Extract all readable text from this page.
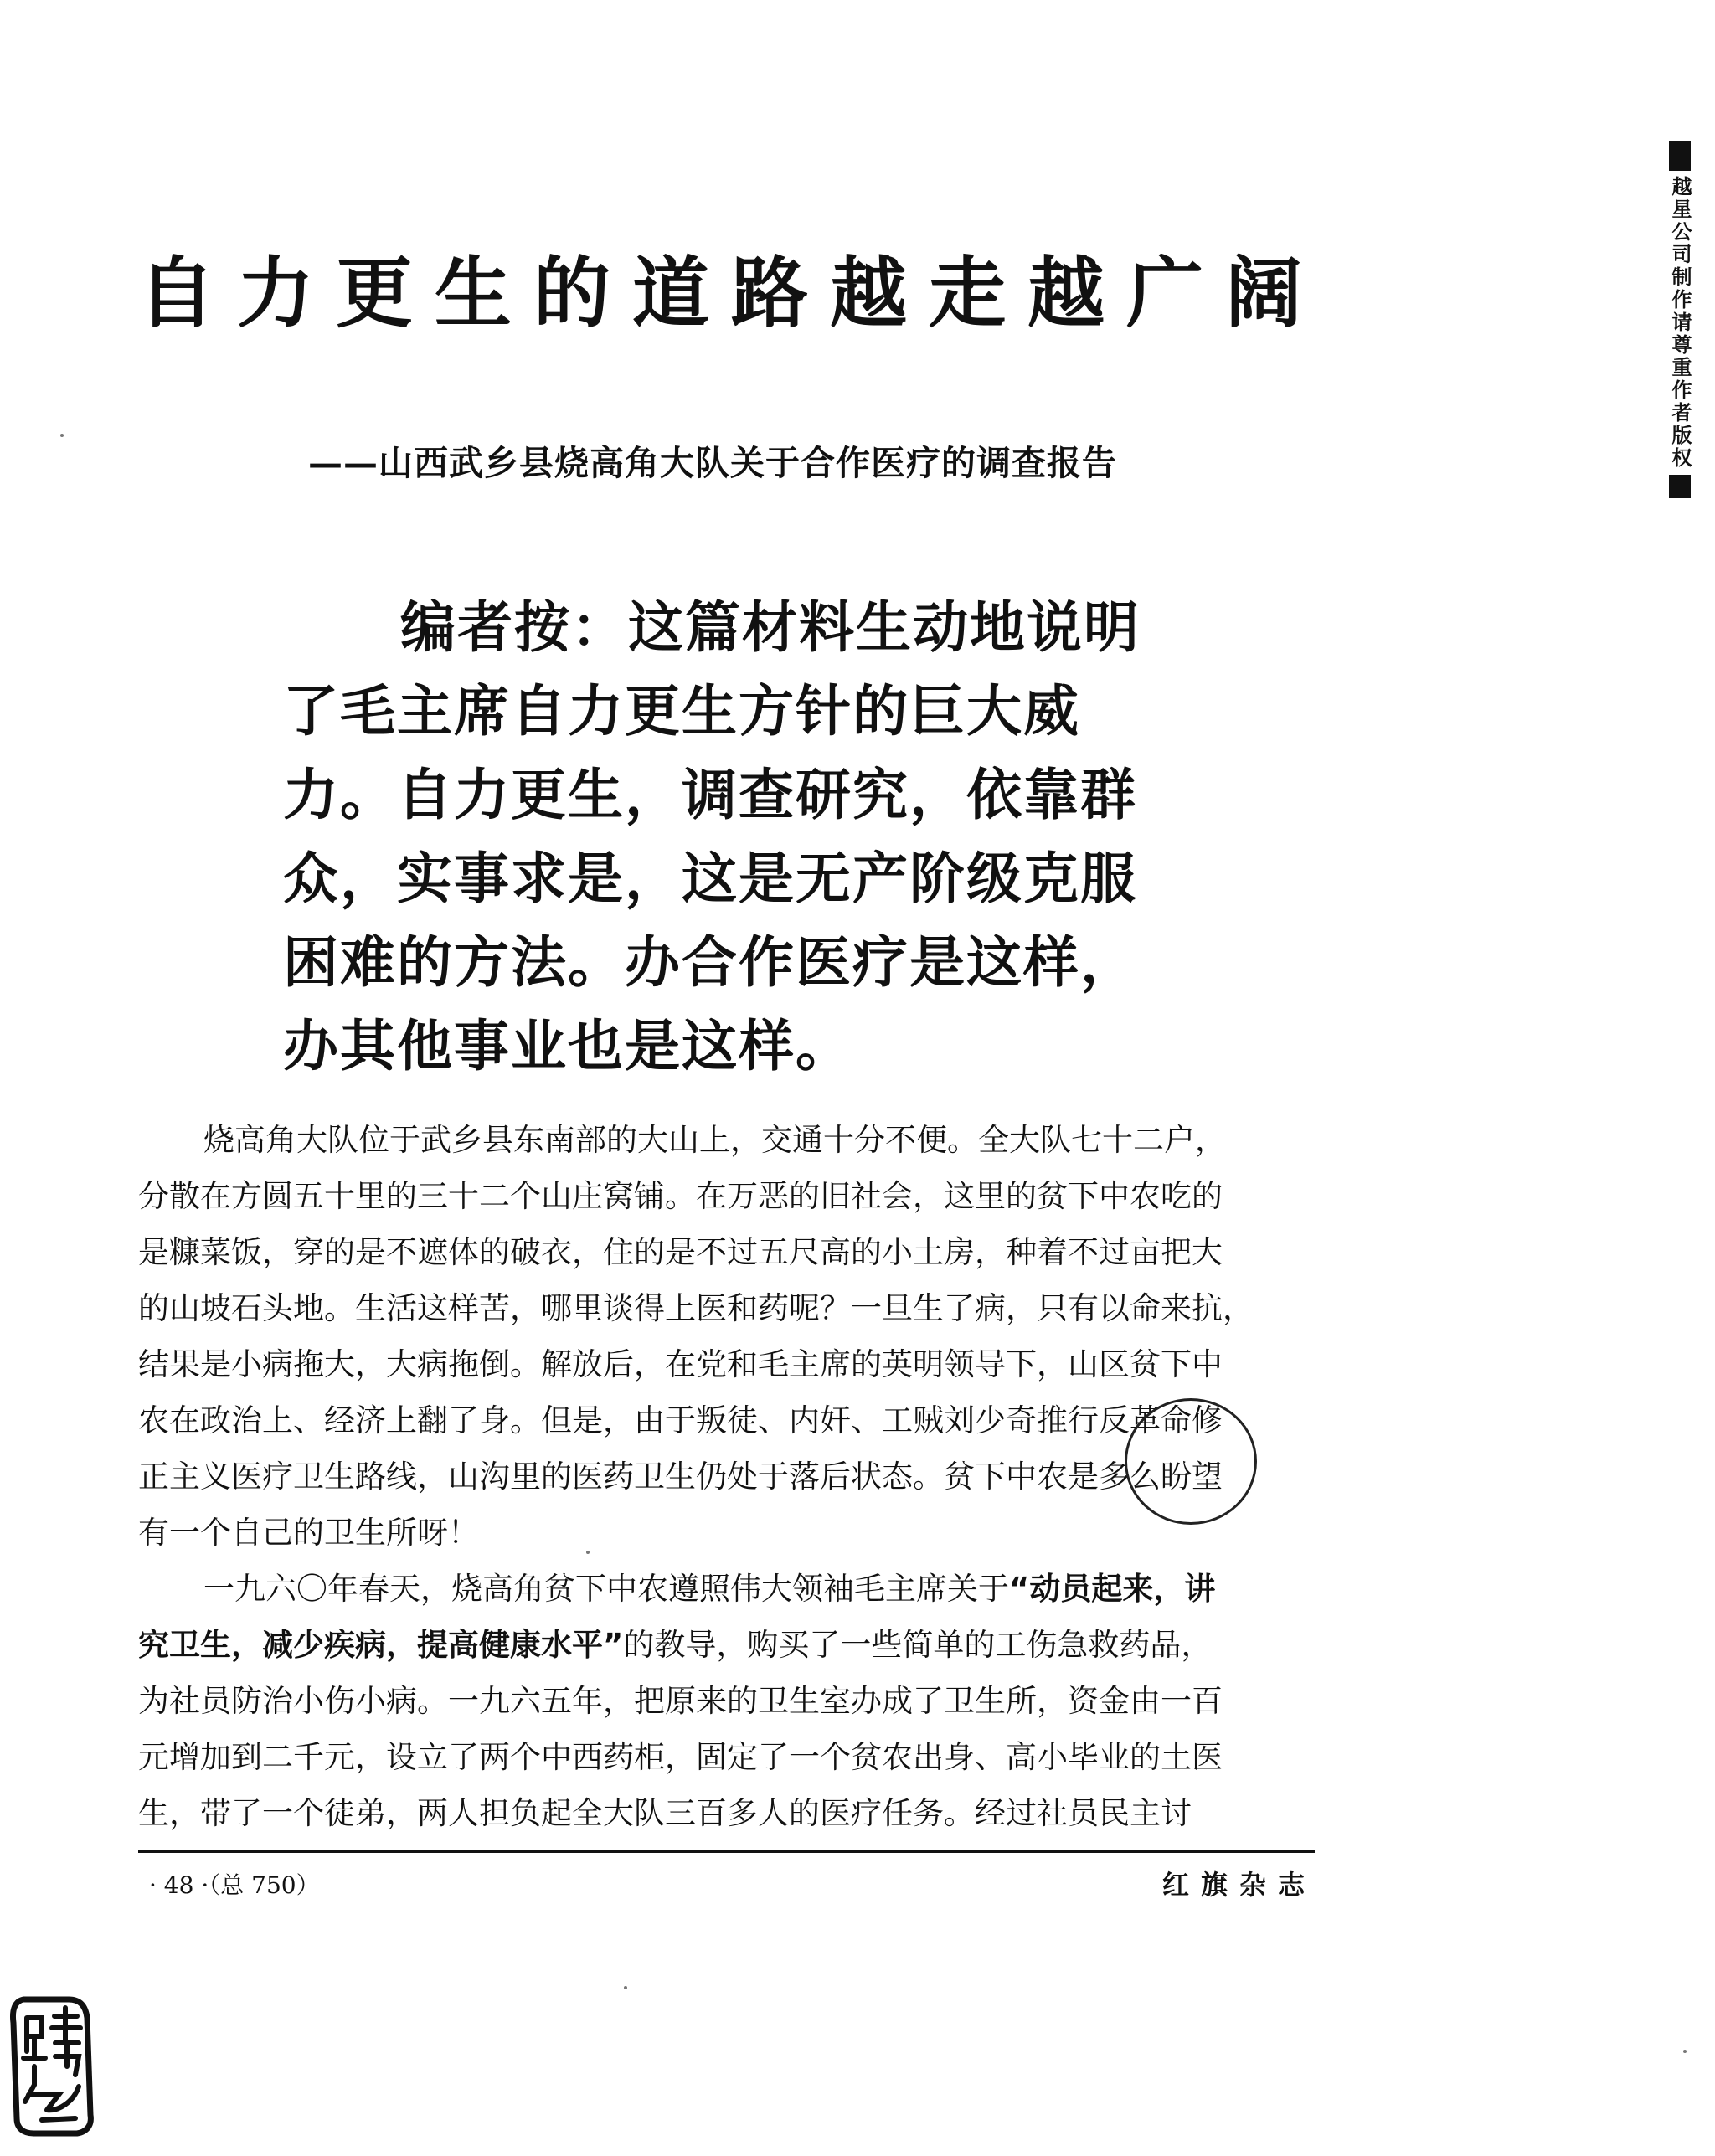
越星公司制作请尊重作者版权
自力更生的道路越走越广阔
——山西武乡县烧高角大队关于合作医疗的调查报告
编者按：这篇材料生动地说明
了毛主席自力更生方针的巨大威
力。自力更生，调查研究，依靠群
众，实事求是，这是无产阶级克服
困难的方法。办合作医疗是这样，
办其他事业也是这样。
烧高角大队位于武乡县东南部的大山上，交通十分不便。全大队七十二户，
分散在方圆五十里的三十二个山庄窝铺。在万恶的旧社会，这里的贫下中农吃的
是糠菜饭，穿的是不遮体的破衣，住的是不过五尺高的小土房，种着不过亩把大
的山坡石头地。生活这样苦，哪里谈得上医和药呢？一旦生了病，只有以命来抗，
结果是小病拖大，大病拖倒。解放后，在党和毛主席的英明领导下，山区贫下中
农在政治上、经济上翻了身。但是，由于叛徒、内奸、工贼刘少奇推行反革命修
正主义医疗卫生路线，山沟里的医药卫生仍处于落后状态。贫下中农是多么盼望
有一个自己的卫生所呀！
一九六〇年春天，烧高角贫下中农遵照伟大领袖毛主席关于“动员起来，讲
究卫生，减少疾病，提高健康水平”的教导，购买了一些简单的工伤急救药品，
为社员防治小伤小病。一九六五年，把原来的卫生室办成了卫生所，资金由一百
元增加到二千元，设立了两个中西药柜，固定了一个贫农出身、高小毕业的土医
生，带了一个徒弟，两人担负起全大队三百多人的医疗任务。经过社员民主讨
· 48 ·（总 750）	红旗杂志
